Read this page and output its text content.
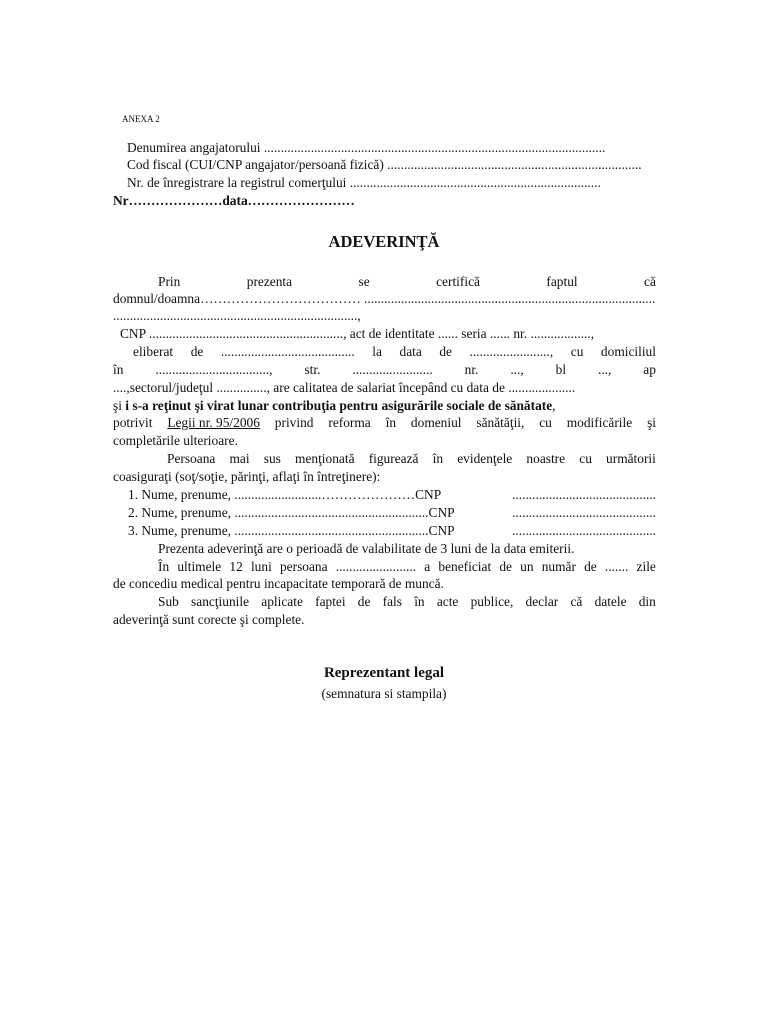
ANEXA 2
Denumirea angajatorului ......................................................................................................
Cod fiscal (CUI/CNP angajator/persoană fizică) ............................................................................
Nr. de înregistrare la registrul comerţului ...........................................................................
Nr…………………data……………………
ADEVERINŢĂ
Prin	prezenta	se	certifică	faptul	că
domnul/doamna……………………………… .......................................................................................
.........................................................................,
CNP .........................................................., act de identitate ...... seria ...... nr. ..................,
eliberat de ........................................ la data de ........................, cu domiciliul
în .................................., str. ........................ nr. ..., bl ..., ap
....,sectorul/judeţul ..............., are calitatea de salariat începând cu data de ....................
şi i s-a reţinut şi virat lunar contribuţia pentru asigurările sociale de sănătate,
potrivit Legii nr. 95/2006 privind reforma în domeniul sănătăţii, cu modificările şi
completările ulterioare.
Persoana mai sus menţionată figurează în evidenţele noastre cu următorii
coasiguraţi (soţ/soţie, părinţi, aflaţi în întreţinere):
1. Nume, prenume, ..........................…………………CNP	...........................................
2. Nume, prenume, ..........................................................CNP	...........................................
3. Nume, prenume, ..........................................................CNP	...........................................
Prezenta adeverinţă are o perioadă de valabilitate de 3 luni de la data emiterii.
În ultimele 12 luni persoana ........................ a beneficiat de un număr de ....... zile
de concediu medical pentru incapacitate temporară de muncă.
Sub sancţiunile aplicate faptei de fals în acte publice, declar că datele din
adeverinţă sunt corecte şi complete.
Reprezentant legal
(semnatura si stampila)
